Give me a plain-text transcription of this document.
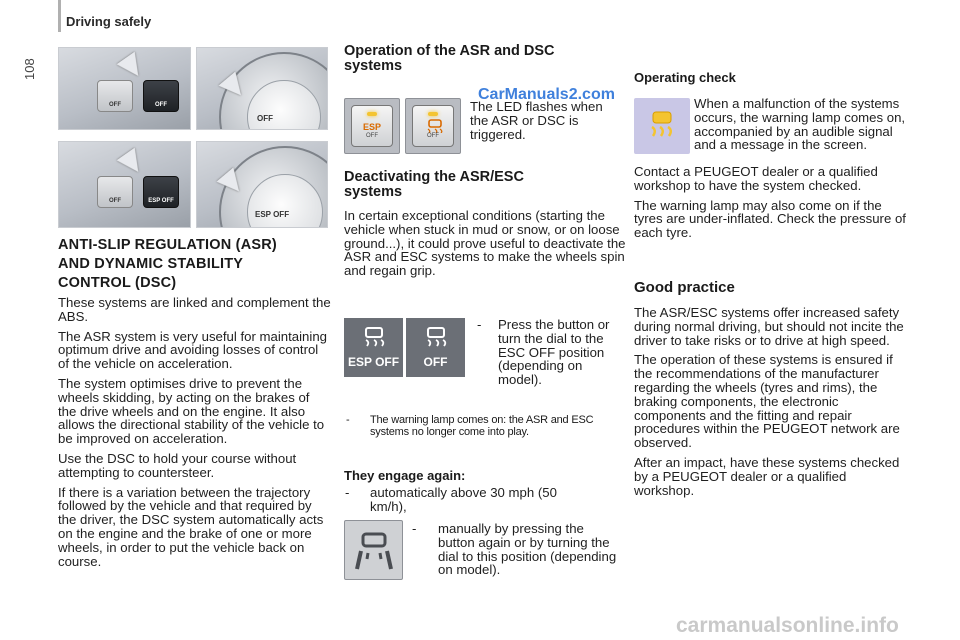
Driving safely
108
OFF	OFF
OFF
OFF	ESP OFF
ESP OFF
ANTI-SLIP REGULATION (ASR)
AND DYNAMIC STABILITY
CONTROL (DSC)

These systems are linked and complement the ABS.

The ASR system is very useful for maintaining optimum drive and avoiding losses of control of the vehicle on acceleration.

The system optimises drive to prevent the wheels skidding, by acting on the brakes of the drive wheels and on the engine. It also allows the directional stability of the vehicle to be improved on acceleration.

Use the DSC to hold your course without attempting to countersteer.

If there is a variation between the trajectory followed by the vehicle and that required by the driver, the DSC system automatically acts on the engine and the brake of one or more wheels, in order to put the vehicle back on course.

Operation of the ASR and DSC
systems
ESP
OFF	OFF
The LED flashes when the ASR or DSC is triggered.
CarManuals2.com
Deactivating the ASR/ESC
systems
In certain exceptional conditions (starting the vehicle when stuck in mud or snow, or on loose ground...), it could prove useful to deactivate the ASR and ESC systems to make the wheels spin and regain grip.
ESP OFF	OFF
- Press the button or turn the dial to the ESC OFF position (depending on model).
- The warning lamp comes on: the ASR and ESC systems no longer come into play.
They engage again:
- automatically above 30 mph (50 km/h),
- manually by pressing the button again or by turning the dial to this position (depending on model).
Operating check
When a malfunction of the systems occurs, the warning lamp comes on, accompanied by an audible signal and a message in the screen.

Contact a PEUGEOT dealer or a qualified workshop to have the system checked.

The warning lamp may also come on if the tyres are under-inflated. Check the pressure of each tyre.

Good practice

The ASR/ESC systems offer increased safety during normal driving, but should not incite the driver to take risks or to drive at high speed.

The operation of these systems is ensured if the recommendations of the manufacturer regarding the wheels (tyres and rims), the braking components, the electronic components and the fitting and repair procedures within the PEUGEOT network are observed.

After an impact, have these systems checked by a PEUGEOT dealer or a qualified workshop.

carmanualsonline.info
